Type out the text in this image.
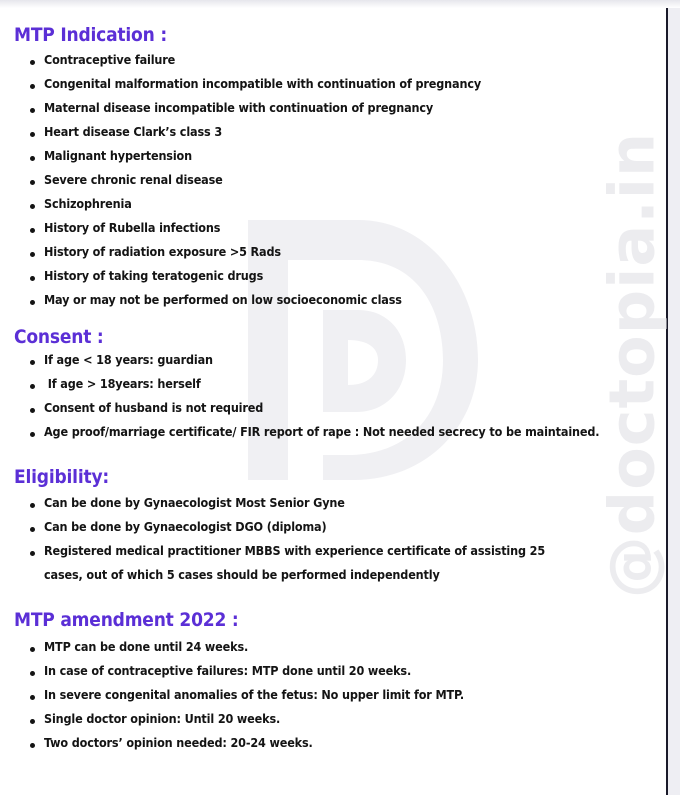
@doctopia.in
MTP Indication :
Contraceptive failure
Congenital malformation incompatible with continuation of pregnancy
Maternal disease incompatible with continuation of pregnancy
Heart disease Clark’s class 3
Malignant hypertension
Severe chronic renal disease
Schizophrenia
History of Rubella infections
History of radiation exposure >5 Rads
History of taking teratogenic drugs
May or may not be performed on low socioeconomic class
Consent :
If age < 18 years: guardian
If age > 18years: herself
Consent of husband is not required
Age proof/marriage certificate/ FIR report of rape : Not needed secrecy to be maintained.
Eligibility:
Can be done by Gynaecologist Most Senior Gyne
Can be done by Gynaecologist DGO (diploma)
Registered medical practitioner MBBS with experience certificate of assisting 25 cases, out of which 5 cases should be performed independently
MTP amendment 2022 :
MTP can be done until 24 weeks.
In case of contraceptive failures: MTP done until 20 weeks.
In severe congenital anomalies of the fetus: No upper limit for MTP.
Single doctor opinion: Until 20 weeks.
Two doctors’ opinion needed: 20-24 weeks.
